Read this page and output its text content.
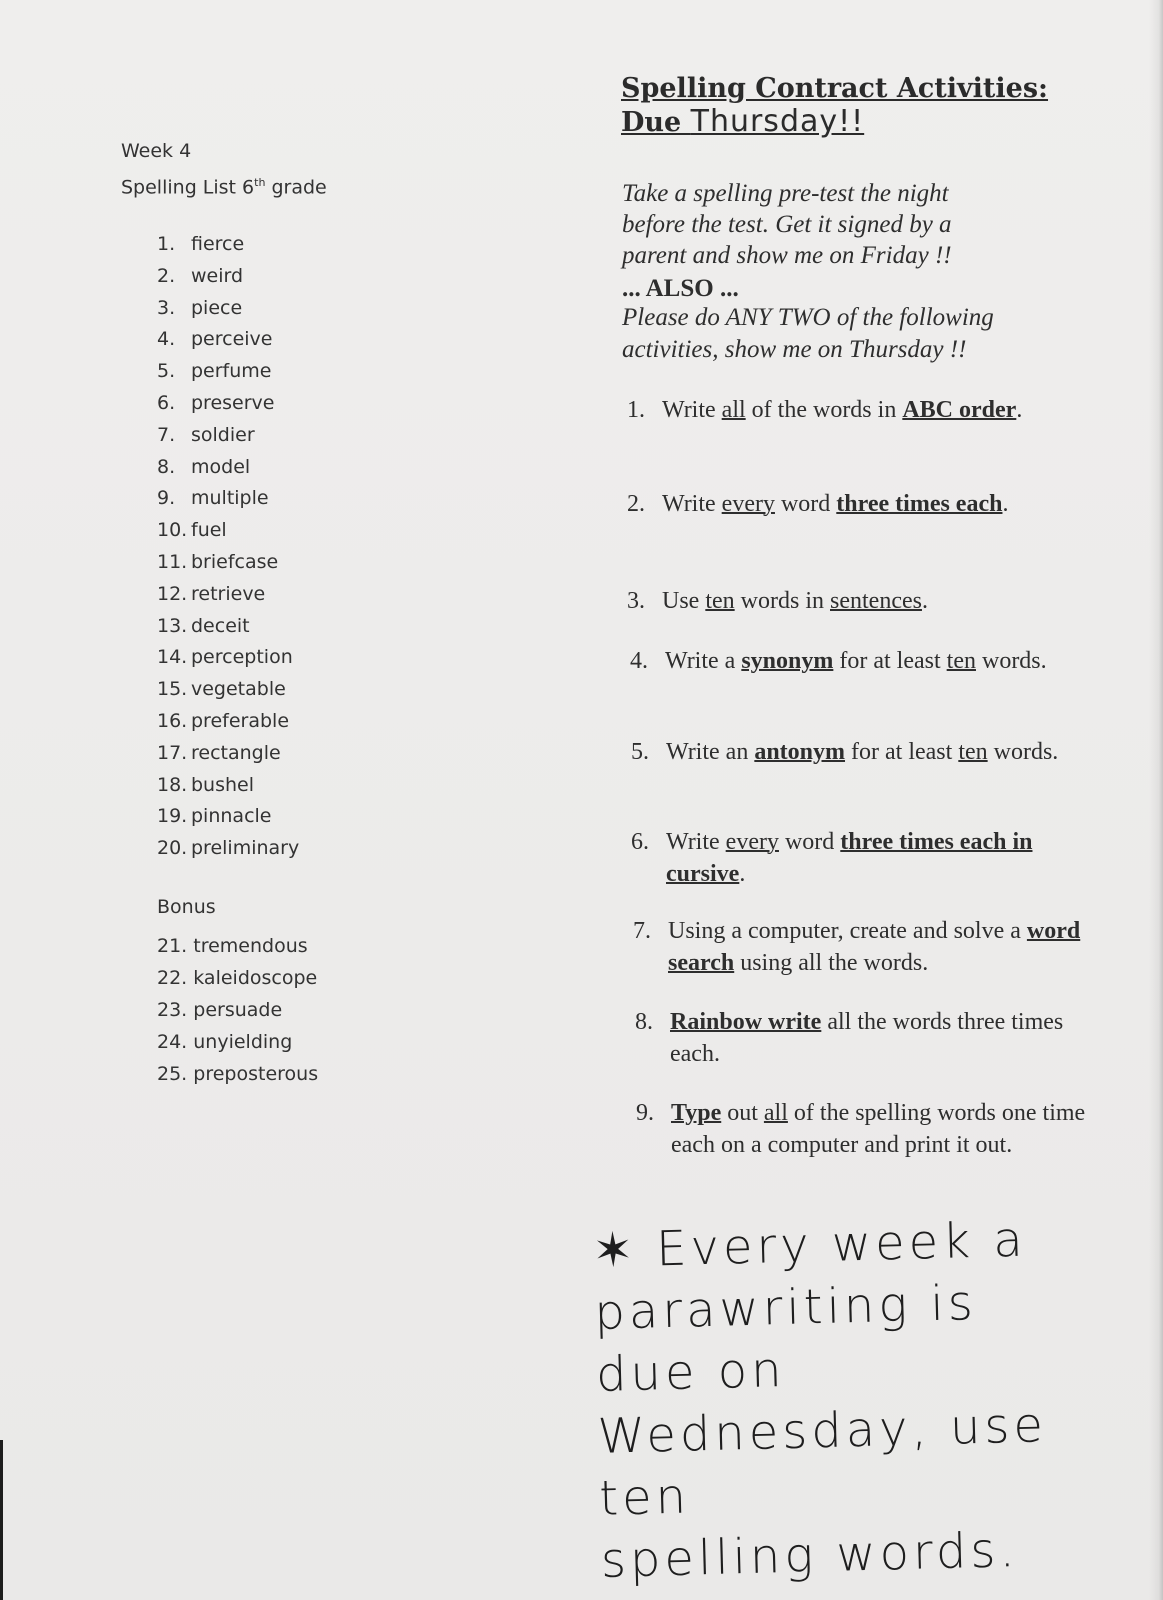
Week 4
Spelling List 6th grade
1. fierce
2. weird
3. piece
4. perceive
5. perfume
6. preserve
7. soldier
8. model
9. multiple
10. fuel
11. briefcase
12. retrieve
13. deceit
14. perception
15. vegetable
16. preferable
17. rectangle
18. bushel
19. pinnacle
20. preliminary
Bonus
21. tremendous
22. kaleidoscope
23. persuade
24. unyielding
25. preposterous
Spelling Contract Activities:
Due Thursday!!
Take a spelling pre-test the night
before the test. Get it signed by a
parent and show me on Friday !!
... ALSO ...
Please do ANY TWO of the following
activities, show me on Thursday !!
1. Write all of the words in ABC order.
2. Write every word three times each.
3. Use ten words in sentences.
4. Write a synonym for at least ten words.
5. Write an antonym for at least ten words.
6. Write every word three times each in cursive.
7. Using a computer, create and solve a word search using all the words.
8. Rainbow write all the words three times each.
9. Type out all of the spelling words one time each on a computer and print it out.
✶ Every week a
parawriting is due on
Wednesday, use ten
spelling words.
